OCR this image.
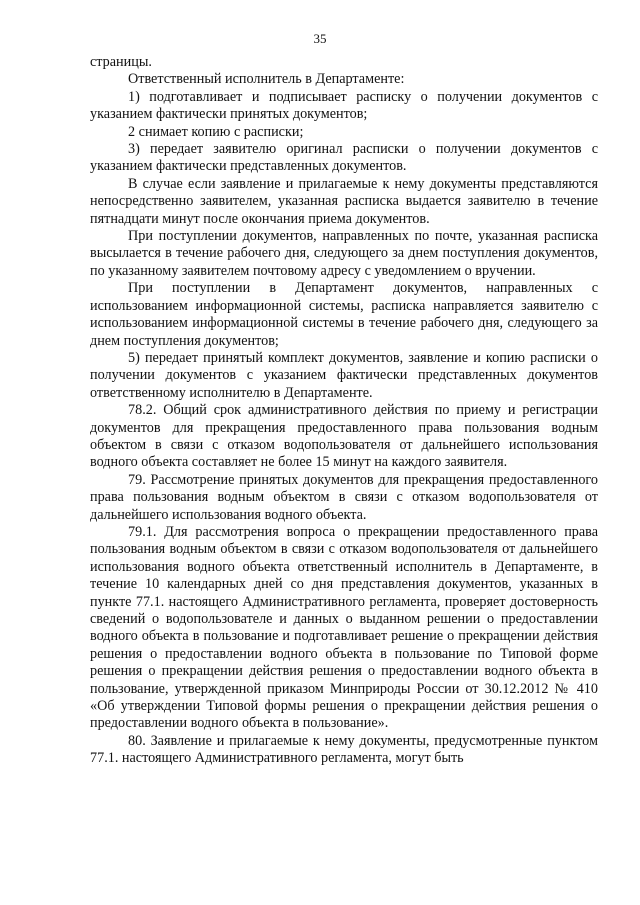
35

страницы.

Ответственный исполнитель в Департаменте:

1) подготавливает и подписывает расписку о получении документов с указанием фактически принятых документов;

2 снимает копию с расписки;

3) передает заявителю оригинал расписки о получении документов с указанием фактически представленных документов.

В случае если заявление и прилагаемые к нему документы представляются непосредственно заявителем, указанная расписка выдается заявителю в течение пятнадцати минут после окончания приема документов.

При поступлении документов, направленных по почте, указанная расписка высылается в течение рабочего дня, следующего за днем поступления документов, по указанному заявителем почтовому адресу с уведомлением о вручении.

При поступлении в Департамент документов, направленных с использованием информационной системы, расписка направляется заявителю с использованием информационной системы в течение рабочего дня, следующего за днем поступления документов;

5) передает принятый комплект документов, заявление и копию расписки о получении документов с указанием фактически представленных документов ответственному исполнителю в Департаменте.

78.2. Общий срок административного действия по приему и регистрации документов для прекращения предоставленного права пользования водным объектом в связи с отказом водопользователя от дальнейшего использования водного объекта составляет не более 15 минут на каждого заявителя.

79. Рассмотрение принятых документов для прекращения предоставленного права пользования водным объектом в связи с отказом водопользователя от дальнейшего использования водного объекта.

79.1. Для рассмотрения вопроса о прекращении предоставленного права пользования водным объектом в связи с отказом водопользователя от дальнейшего использования водного объекта ответственный исполнитель в Департаменте, в течение 10 календарных дней со дня представления документов, указанных в пункте 77.1. настоящего Административного регламента, проверяет достоверность сведений о водопользователе и данных о выданном решении о предоставлении водного объекта в пользование и подготавливает решение о прекращении действия решения о предоставлении водного объекта в пользование по Типовой форме решения о прекращении действия решения о предоставлении водного объекта в пользование, утвержденной приказом Минприроды России от 30.12.2012 № 410 «Об утверждении Типовой формы решения о прекращении действия решения о предоставлении водного объекта в пользование».

80. Заявление и прилагаемые к нему документы, предусмотренные пунктом 77.1. настоящего Административного регламента, могут быть
